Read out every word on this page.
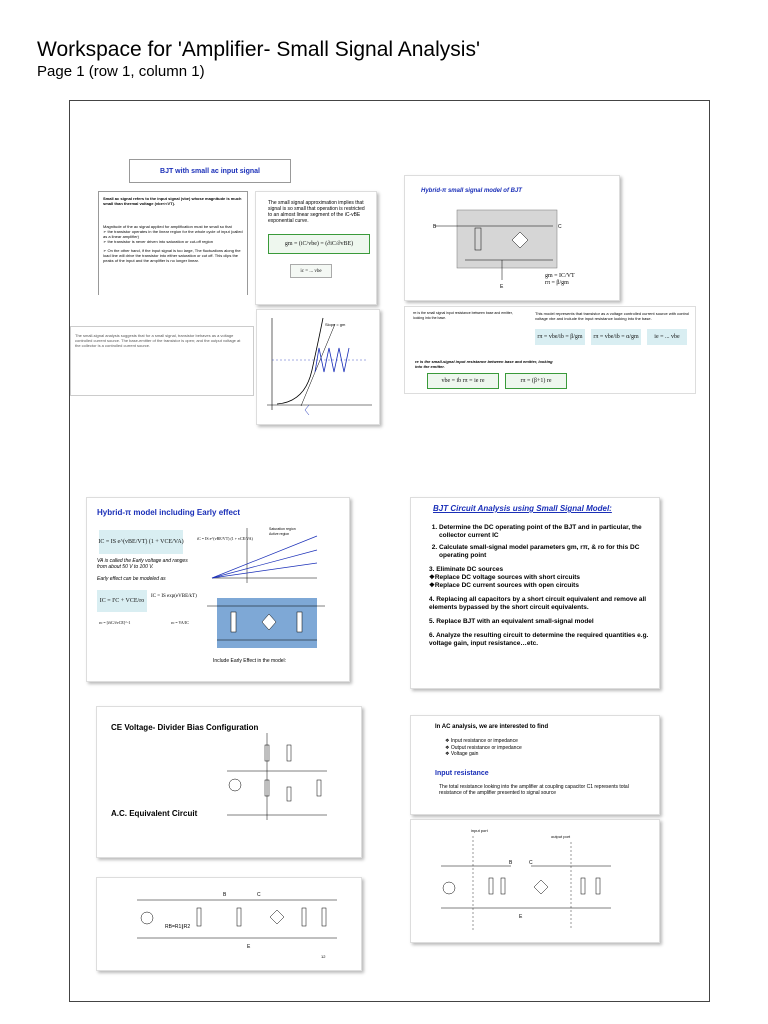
Workspace for 'Amplifier- Small Signal Analysis'
Page 1 (row 1, column 1)
BJT with small ac input signal
Small ac signal refers to the input signal (vbe) whose magnitude is much small than thermal voltage (vbe<<VT).
Magnitude of the ac signal applied for amplification must be small so that
➢ the transistor operates in the linear region for the whole cycle of input (called as a linear amplifier)
➢ the transistor is never driven into saturation or cut-off region
➢ On the other hand, if the input signal is too large, The fluctuations along the load line will drive the transistor into either saturation or cut off. This clips the peaks of the input and the amplifier is no longer linear.
The small signal approximation implies that signal is so small that operation is restricted to an almost linear segment of the iC-vBE exponential curve.
gm = (iC/vbe) = (∂iC/∂vBE)
ic = ... vbe
The small-signal analysis suggests that for a small signal, transistor behaves as a voltage controlled current source. The base-emitter of the transistor is open; and the output voltage at the collector is a controlled current source.
Slope = gm
Hybrid-π small signal model of BJT
B	C
E
gm = IC/VT
rπ = β/gm
rπ is the small signal input resistance between base and emitter, looking into the base.
This model represents that transistor as a voltage controlled current source with control voltage vbe and include the input resistance looking into the base.
rπ = vbe/ib = β/gm	rπ = vbe/ib = α/gm	ie = ... vbe
re is the small-signal input resistance between base and emitter, looking into the emitter.
vbe = ib rπ = ie re	rπ = (β+1) re
Hybrid-π model including Early effect
IC = IS e^(vBE/VT) (1 + VCE/VA)
iC = IS e^(vBE/VT) (1 + vCE/VA)
Saturation region
Active region
VA is called the Early voltage and ranges from about 50 V to 100 V.
Early effect can be modeled as
IC = I'C + VCE/ro
IC = IS exp(eVBE/kT)
ro = [∂iC/∂vCE]^-1	ro = VA/IC
Include Early Effect in the model:
BJT Circuit Analysis using Small Signal Model:
1. Determine the DC operating point of the BJT and in particular, the collector current IC
2. Calculate small-signal model parameters gm, rπ, & ro for this DC operating point
3. Eliminate DC sources
❖Replace DC voltage sources with short circuits
❖Replace DC current sources with open circuits
4. Replacing all capacitors by a short circuit equivalent and remove all elements bypassed by the short circuit equivalents.
5. Replace BJT with an equivalent small-signal model
6. Analyze the resulting circuit to determine the required quantities e.g. voltage gain, input resistance…etc.
CE Voltage- Divider Bias Configuration
A.C. Equivalent Circuit
In AC analysis, we are interested to find
❖ Input resistance or impedance
❖ Output resistance or impedance
❖ Voltage gain
Input resistance
The total resistance looking into the amplifier at coupling capacitor C1 represents total resistance of the amplifier presented to signal source
input port
output port
B	C
E
RB=R1∥R2
B	C
E
12
